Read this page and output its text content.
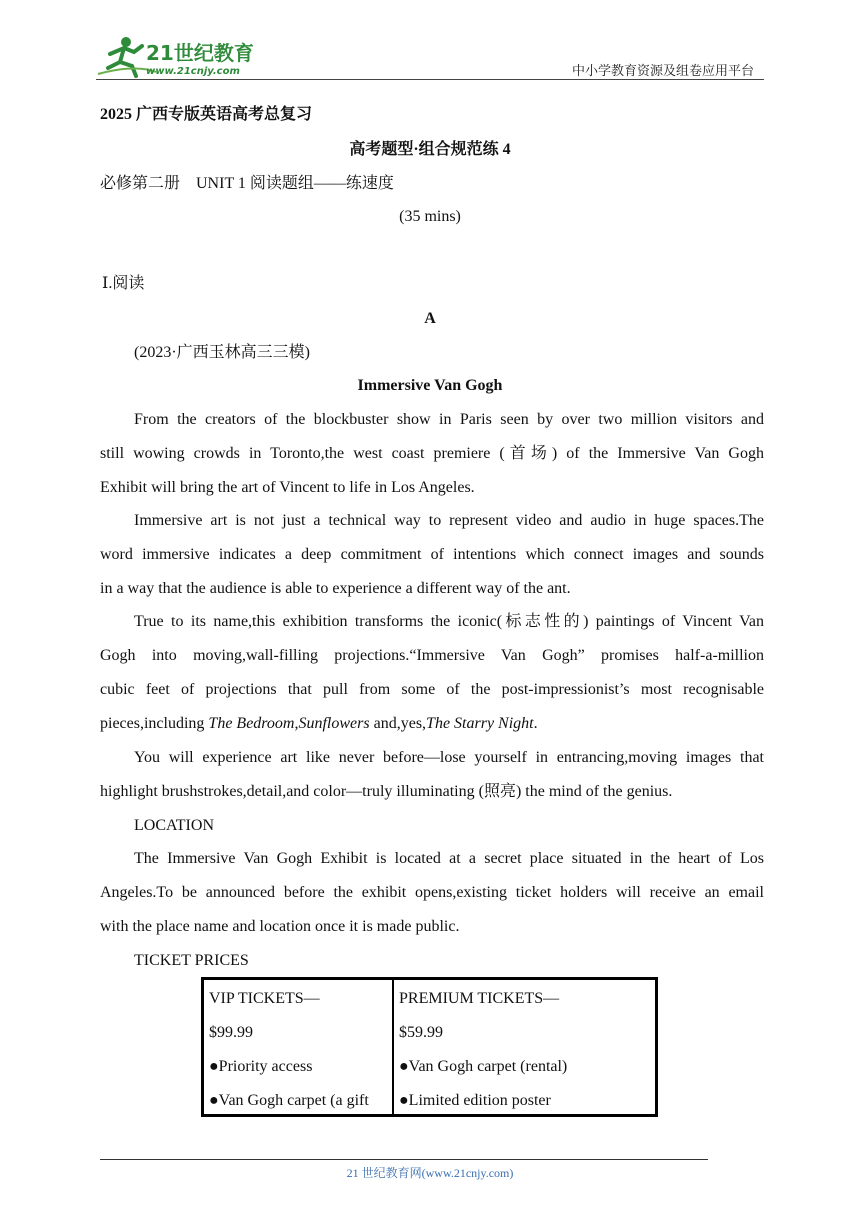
21世纪教育
www.21cnjy.com	中小学教育资源及组卷应用平台
2025 广西专版英语高考总复习
高考题型·组合规范练 4
必修第二册　UNIT 1 阅读题组——练速度
(35 mins)
Ⅰ.阅读
A
(2023·广西玉林高三三模)
Immersive Van Gogh
From the creators of the blockbuster show in Paris seen by over two million visitors and
still wowing crowds in Toronto,the west coast premiere (首场) of the Immersive Van Gogh
Exhibit will bring the art of Vincent to life in Los Angeles.
Immersive art is not just a technical way to represent video and audio in huge spaces.The
word immersive indicates a deep commitment of intentions which connect images and sounds
in a way that the audience is able to experience a different way of the ant.
True to its name,this exhibition transforms the iconic(标志性的) paintings of Vincent Van
Gogh into moving,wall-filling projections.“Immersive Van Gogh” promises half-a-million
cubic feet of projections that pull from some of the post-impressionist’s most recognisable
pieces,including The Bedroom,Sunflowers and,yes,The Starry Night.
You will experience art like never before—lose yourself in entrancing,moving images that
highlight brushstrokes,detail,and color—truly illuminating (照亮) the mind of the genius.
LOCATION
The Immersive Van Gogh Exhibit is located at a secret place situated in the heart of Los
Angeles.To be announced before the exhibit opens,existing ticket holders will receive an email
with the place name and location once it is made public.
TICKET PRICES
VIP TICKETS—
$99.99
●Priority access
●Van Gogh carpet (a gift
PREMIUM TICKETS—
$59.99
●Van Gogh carpet (rental)
●Limited edition poster
21 世纪教育网(www.21cnjy.com)
